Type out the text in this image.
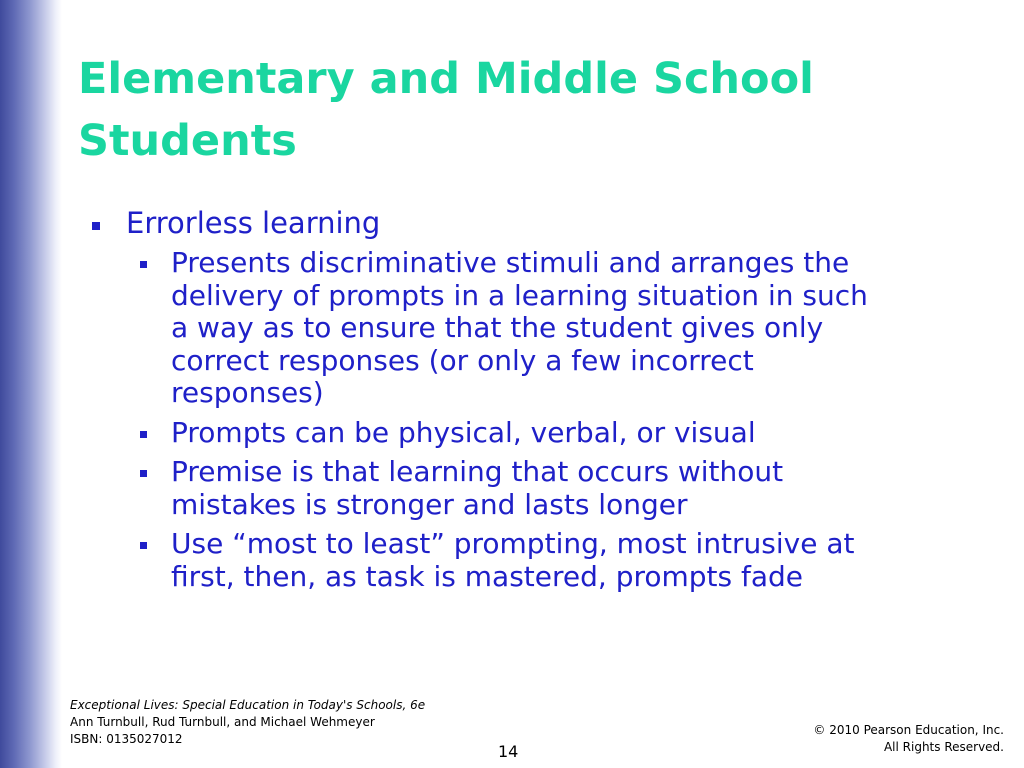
Elementary and Middle School Students
Errorless learning
Presents discriminative stimuli and arranges the delivery of prompts in a learning situation in such a way as to ensure that the student gives only correct responses (or only a few incorrect responses)
Prompts can be physical, verbal, or visual
Premise is that learning that occurs without mistakes is stronger and lasts longer
Use “most to least” prompting, most intrusive at first, then, as task is mastered, prompts fade
Exceptional Lives: Special Education in Today's Schools, 6e
Ann Turnbull, Rud Turnbull, and Michael Wehmeyer
ISBN: 0135027012
14
© 2010 Pearson Education, Inc.
All Rights Reserved.
